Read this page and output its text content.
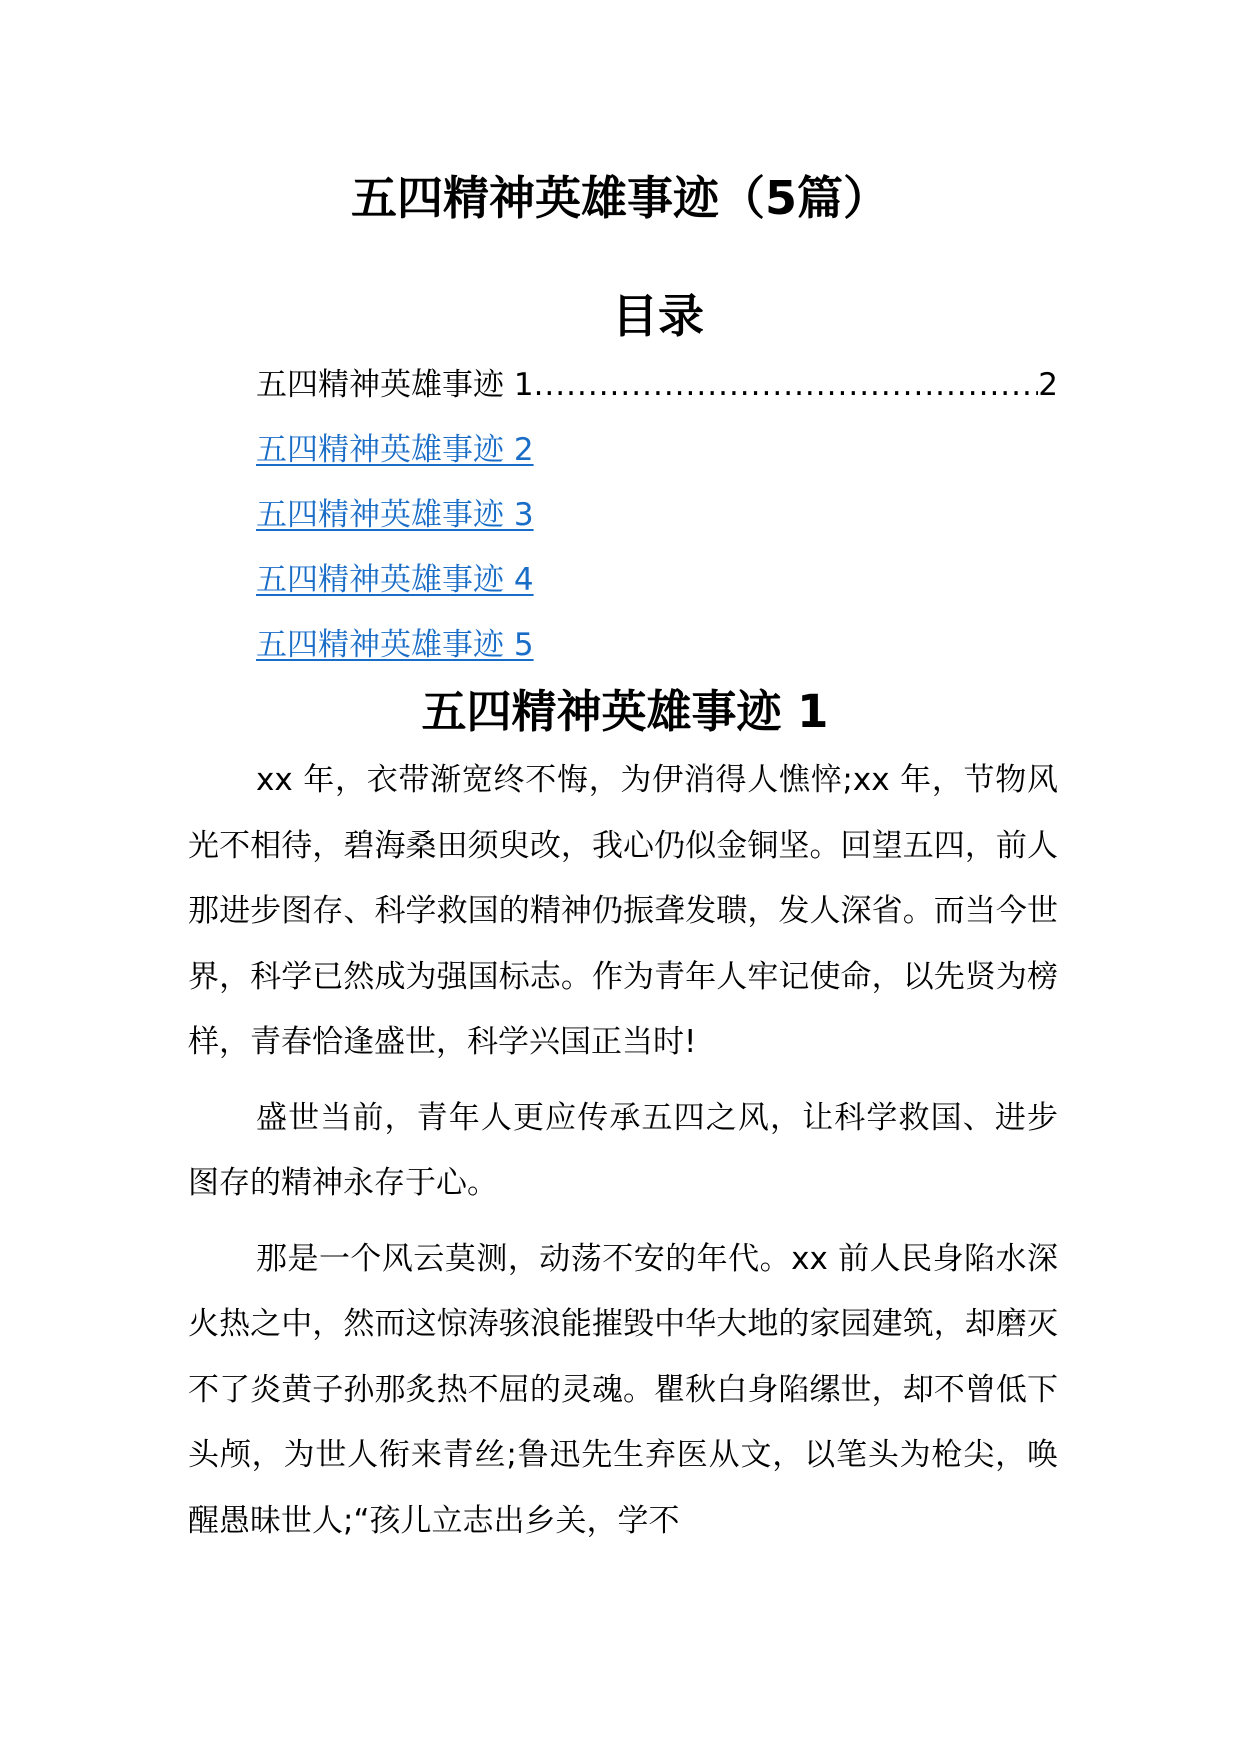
五四精神英雄事迹（5篇）
目录
五四精神英雄事迹 1
.....	2
五四精神英雄事迹 2
五四精神英雄事迹 3
五四精神英雄事迹 4
五四精神英雄事迹 5
五四精神英雄事迹 1

xx 年，衣带渐宽终不悔，为伊消得人憔悴;xx 年，节物风光不相待，碧海桑田须臾改，我心仍似金铜坚。回望五四，前人那进步图存、科学救国的精神仍振聋发聩，发人深省。而当今世界，科学已然成为强国标志。作为青年人牢记使命，以先贤为榜样，青春恰逢盛世，科学兴国正当时!

盛世当前，青年人更应传承五四之风，让科学救国、进步图存的精神永存于心。

那是一个风云莫测，动荡不安的年代。xx 前人民身陷水深火热之中，然而这惊涛骇浪能摧毁中华大地的家园建筑，却磨灭不了炎黄子孙那炙热不屈的灵魂。瞿秋白身陷缧世，却不曾低下头颅，为世人衔来青丝;鲁迅先生弃医从文，以笔头为枪尖，唤醒愚昧世人;“孩儿立志出乡关，学不
